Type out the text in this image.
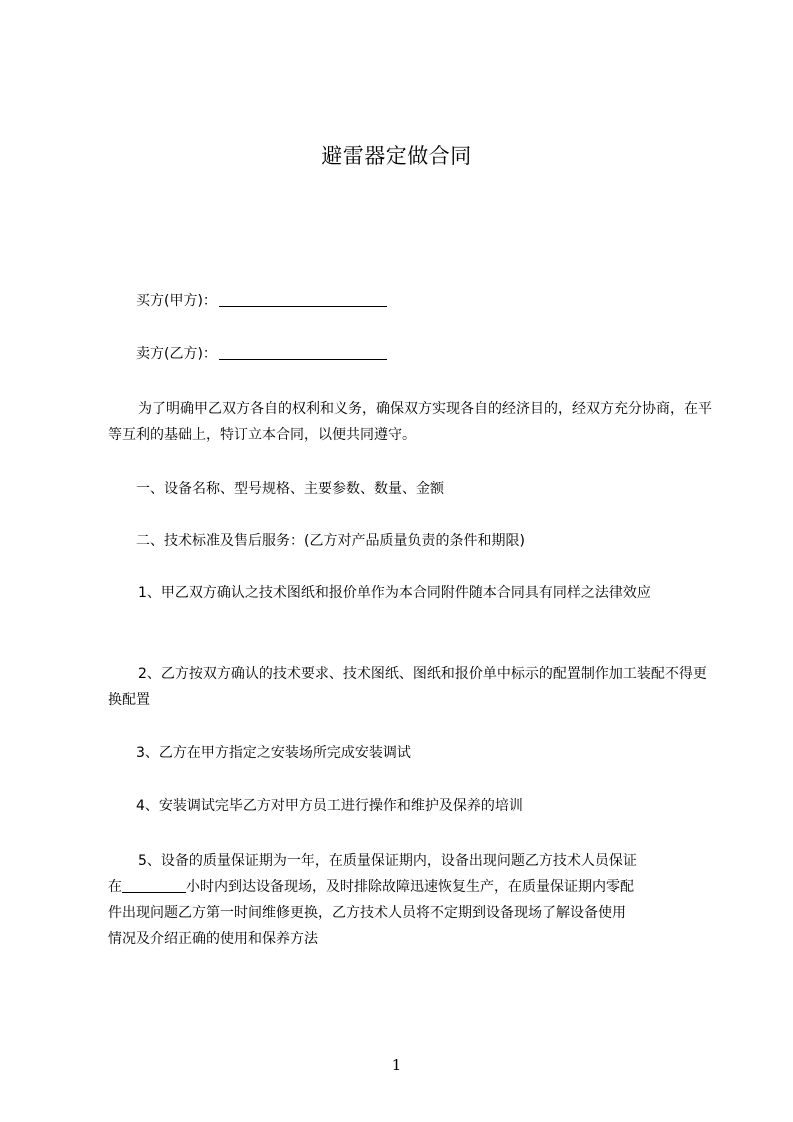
避雷器定做合同
买方(甲方)：
卖方(乙方)：
为了明确甲乙双方各自的权利和义务，确保双方实现各自的经济目的，经双方充分协商，在平等互利的基础上，特订立本合同，以便共同遵守。
一、设备名称、型号规格、主要参数、数量、金额
二、技术标准及售后服务：(乙方对产品质量负责的条件和期限)
1、甲乙双方确认之技术图纸和报价单作为本合同附件随本合同具有同样之法律效应
2、乙方按双方确认的技术要求、技术图纸、图纸和报价单中标示的配置制作加工装配不得更换配置
3、乙方在甲方指定之安装场所完成安装调试
4、安装调试完毕乙方对甲方员工进行操作和维护及保养的培训
5、设备的质量保证期为一年，在质量保证期内，设备出现问题乙方技术人员保证
在	小时内到达设备现场，及时排除故障迅速恢复生产，在质量保证期内零配
件出现问题乙方第一时间维修更换，乙方技术人员将不定期到设备现场了解设备使用
情况及介绍正确的使用和保养方法
1
